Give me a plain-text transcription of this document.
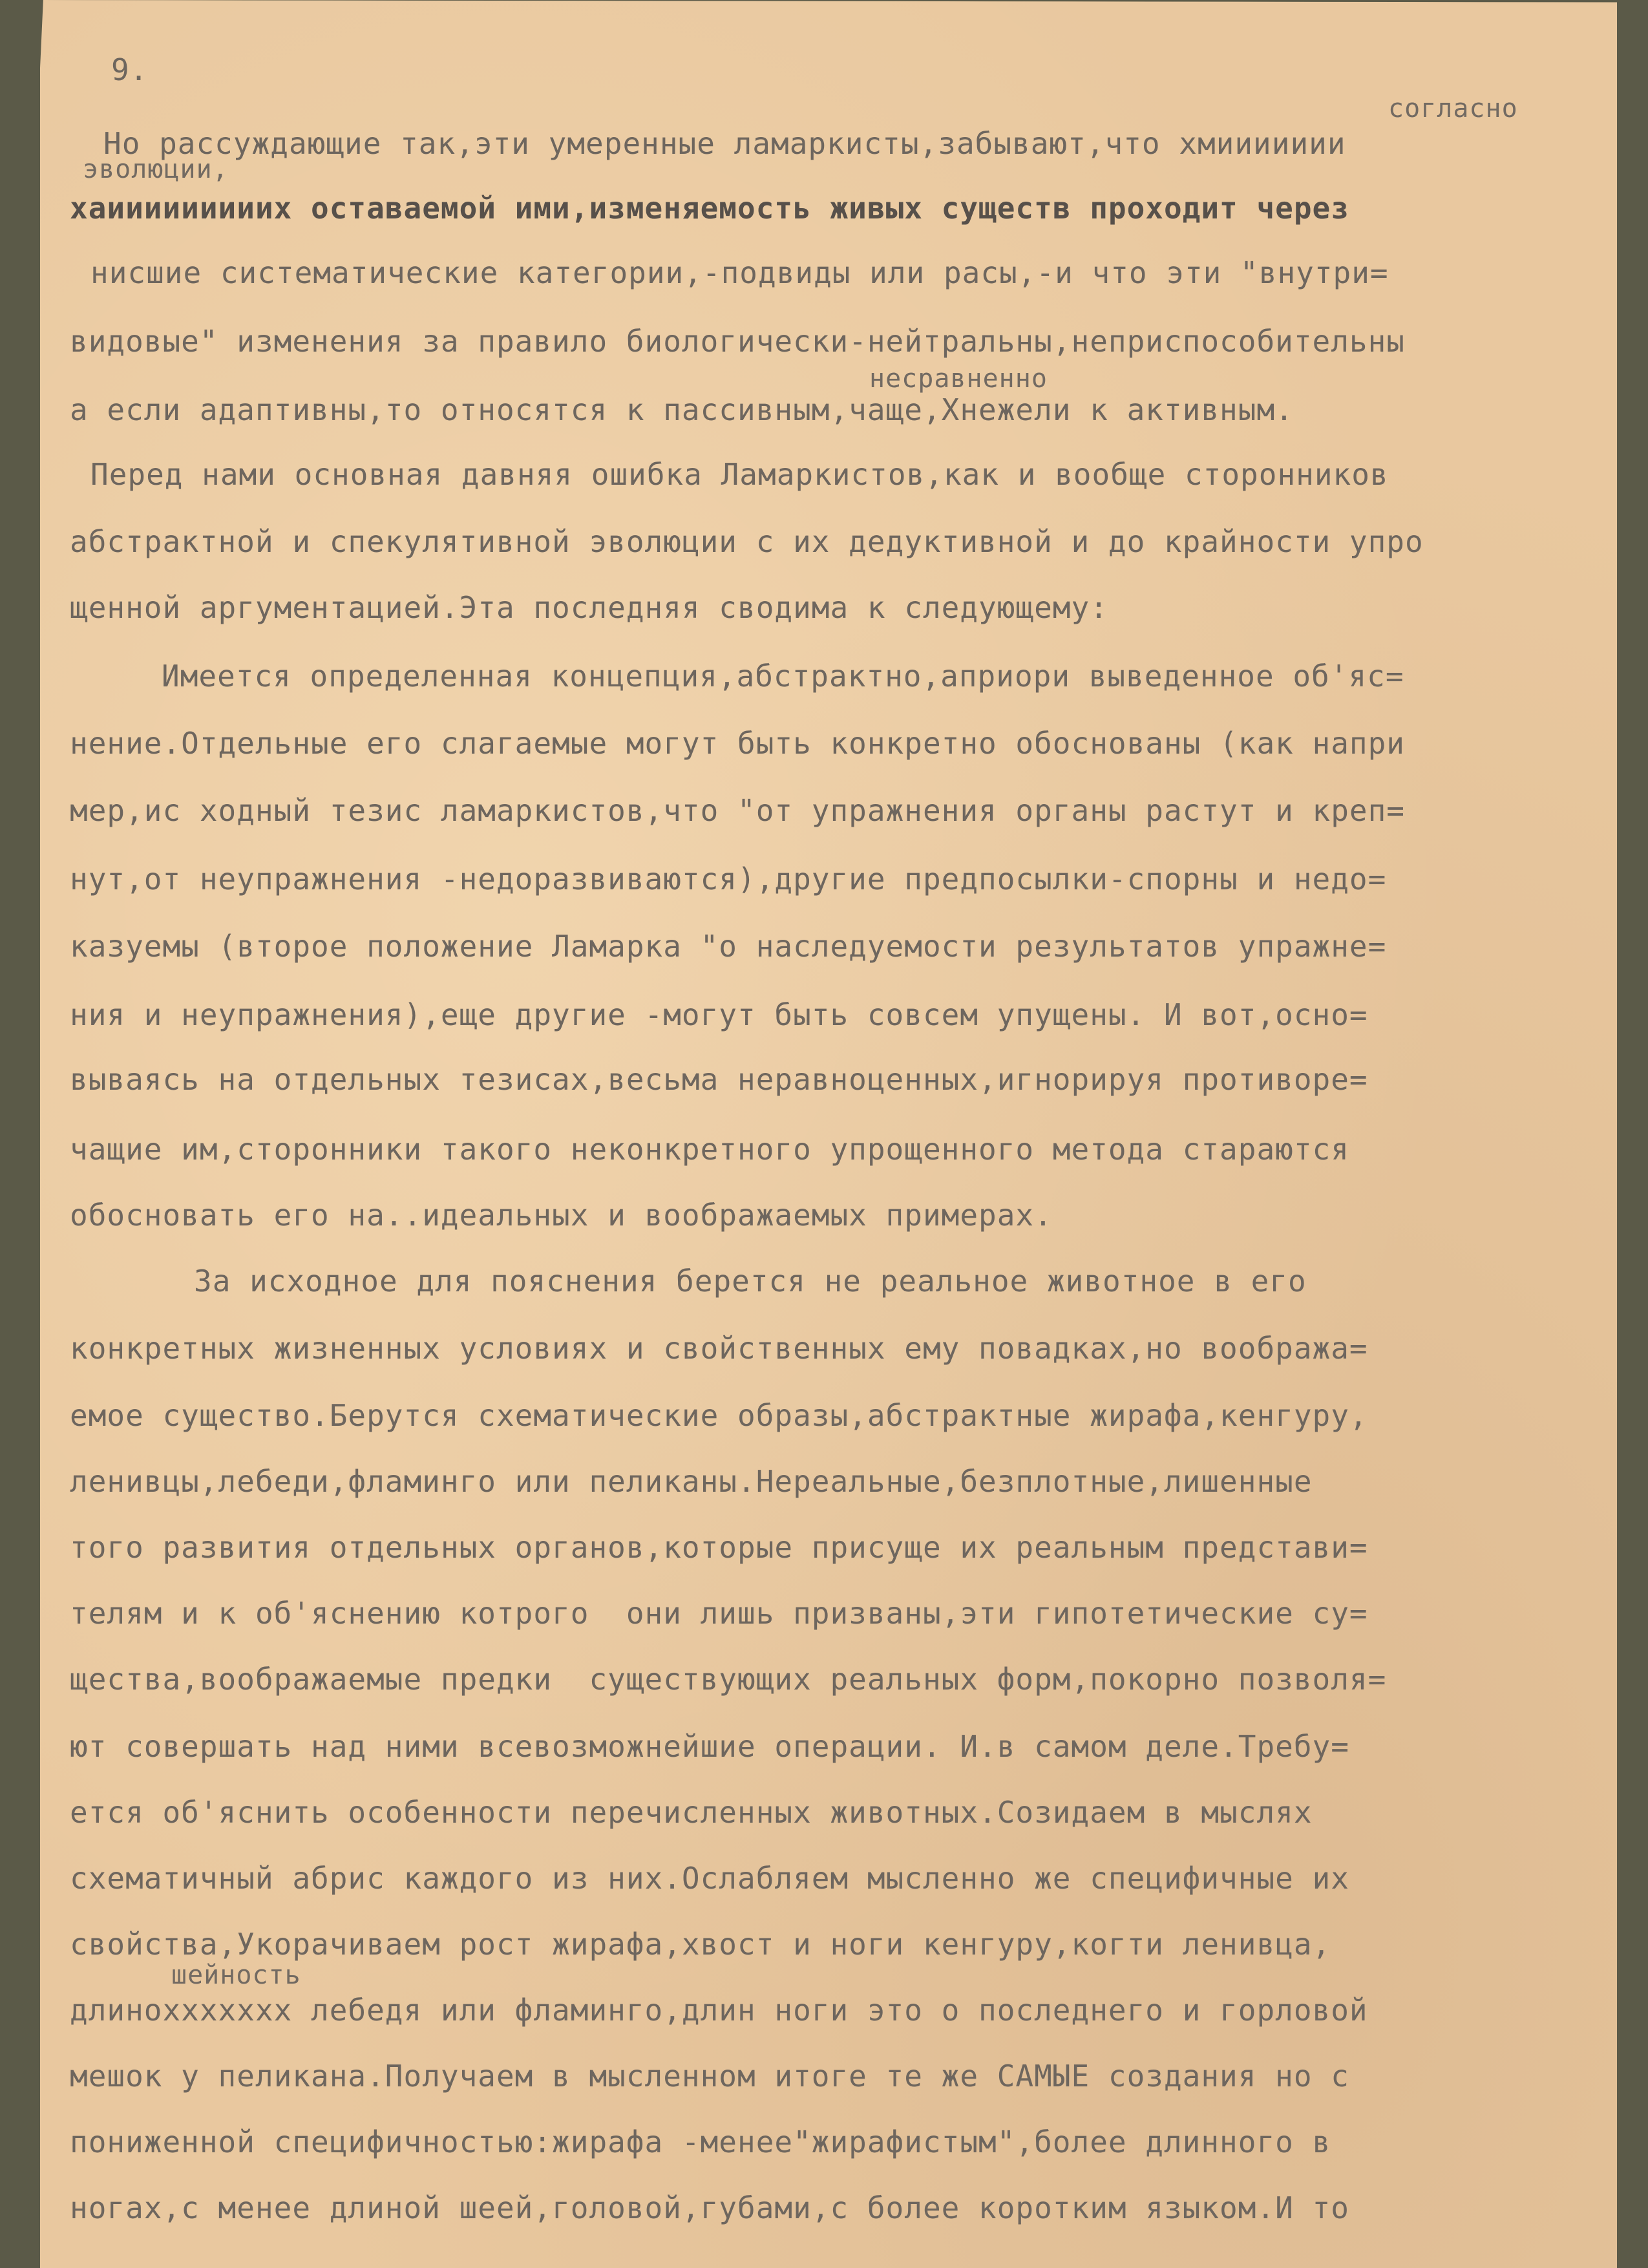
9.

согласно

Но рассуждающие так,эти умеренные ламаркисты,забывают,что хмиииииии

эволюции,

хаииииииииих оставаемой ими,изменяемость живых существ проходит через

нисшие систематические категории,-подвиды или расы,-и что эти "внутри=

видовые" изменения за правило биологически-нейтральны,неприспособительны

несравненно

а если адаптивны,то относятся к пассивным,чаще,Хнежели к активным.

Перед нами основная давняя ошибка Ламаркистов,как и вообще сторонников

абстрактной и спекулятивной эволюции с их дедуктивной и до крайности упро

щенной аргументацией.Эта последняя сводима к следующему:

Имеется определенная концепция,абстрактно,априори выведенное об'яс=

нение.Отдельные его слагаемые могут быть конкретно обоснованы (как напри

мер,ис ходный тезис ламаркистов,что "от упражнения органы растут и креп=

нут,от неупражнения -недоразвиваются),другие предпосылки-спорны и недо=

казуемы (второе положение Ламарка "о наследуемости результатов упражне=

ния и неупражнения),еще другие -могут быть совсем упущены. И вот,осно=

вываясь на отдельных тезисах,весьма неравноценных,игнорируя противоре=

чащие им,сторонники такого неконкретного упрощенного метода стараются

обосновать его на..идеальных и воображаемых примерах.

За исходное для пояснения берется не реальное животное в его

конкретных жизненных условиях и свойственных ему повадках,но вообража=

емое существо.Берутся схематические образы,абстрактные жирафа,кенгуру,

ленивцы,лебеди,фламинго или пеликаны.Нереальные,безплотные,лишенные

того развития отдельных органов,которые присуще их реальным представи=

телям и к об'яснению котрого  они лишь призваны,эти гипотетические су=

щества,воображаемые предки  существующих реальных форм,покорно позволя=

ют совершать над ними всевозможнейшие операции. И.в самом деле.Требу=

ется об'яснить особенности перечисленных животных.Созидаем в мыслях

схематичный абрис каждого из них.Ослабляем мысленно же специфичные их

свойства,Укорачиваем рост жирафа,хвост и ноги кенгуру,когти ленивца,

шейность

длиноххххххх лебедя или фламинго,длин ноги это о последнего и горловой

мешок у пеликана.Получаем в мысленном итоге те же САМЫЕ создания но с

пониженной специфичностью:жирафа -менее"жирафистым",более длинного в

ногах,с менее длиной шеей,головой,губами,с более коротким языком.И то
